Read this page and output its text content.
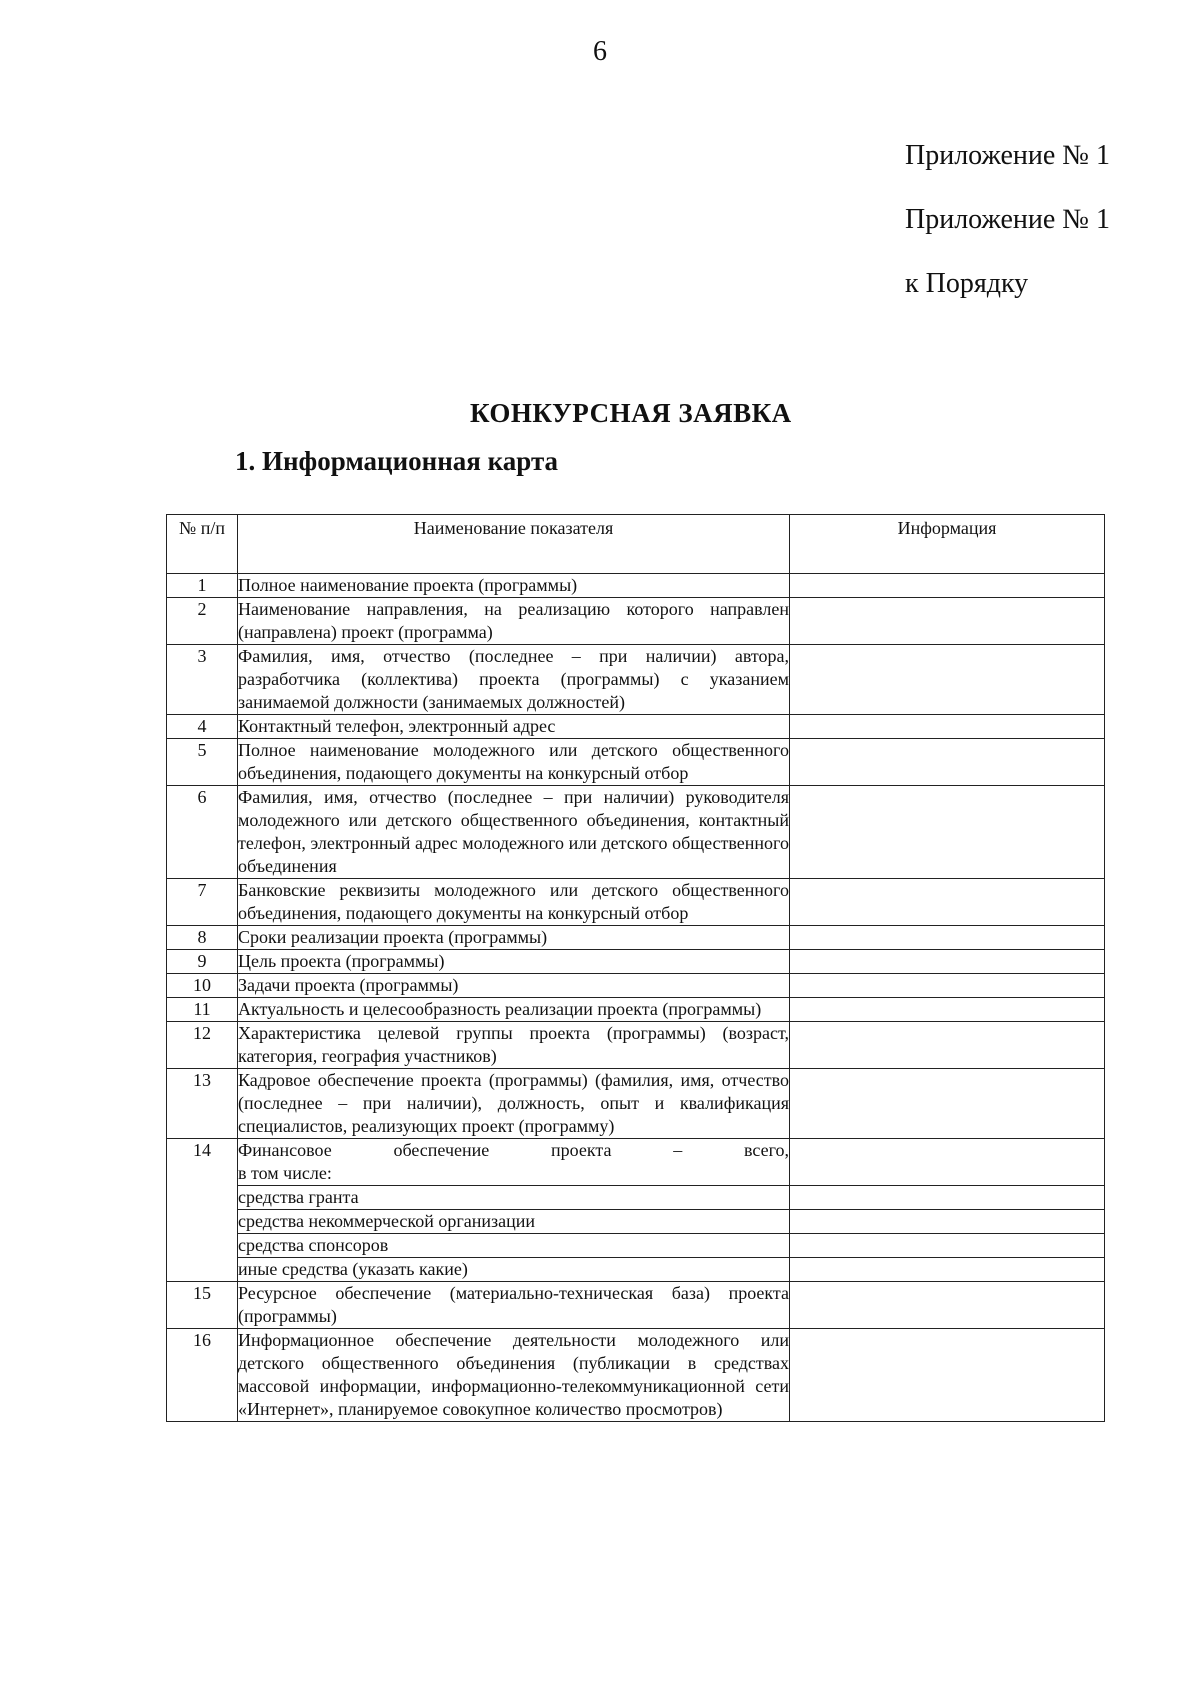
6
Приложение № 1
Приложение № 1
к Порядку
КОНКУРСНАЯ ЗАЯВКА
1. Информационная карта
№ п/п	Наименование показателя	Информация
1	Полное наименование проекта (программы)	
2	Наименование направления, на реализацию которого направлен (направлена) проект (программа)	
3	Фамилия, имя, отчество (последнее – при наличии) автора, разработчика (коллектива) проекта (программы) с указанием занимаемой должности (занимаемых должностей)	
4	Контактный телефон, электронный адрес	
5	Полное наименование молодежного или детского общественного объединения, подающего документы на конкурсный отбор	
6	Фамилия, имя, отчество (последнее – при наличии) руководителя молодежного или детского общественного объединения, контактный телефон, электронный адрес молодежного или детского общественного объединения	
7	Банковские реквизиты молодежного или детского общественного объединения, подающего документы на конкурсный отбор	
8	Сроки реализации проекта (программы)	
9	Цель проекта (программы)	
10	Задачи проекта (программы)	
11	Актуальность и целесообразность реализации проекта (программы)	
12	Характеристика целевой группы проекта (программы) (возраст, категория, география участников)	
13	Кадровое обеспечение проекта (программы) (фамилия, имя, отчество (последнее – при наличии), должность, опыт и квалификация специалистов, реализующих проект (программу)	
14	Финансовое обеспечение проекта – всего,
в том числе:	

	средства гранта	
	средства некоммерческой организации	
	средства спонсоров	
	иные средства (указать какие)	
15	Ресурсное обеспечение (материально-техническая база) проекта (программы)	
16	Информационное обеспечение деятельности молодежного или детского общественного объединения (публикации в средствах массовой информации, информационно-телекоммуникационной сети «Интернет», планируемое совокупное количество просмотров)	
